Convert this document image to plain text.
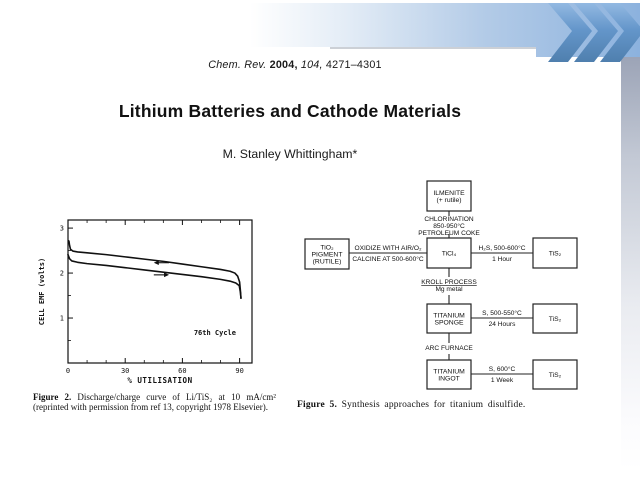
Chem. Rev. 2004, 104, 4271–4301
Lithium Batteries and Cathode Materials
M. Stanley Whittingham*
0	30	60	90
1
2
3
76th Cycle
% UTILISATION
CELL EMF (volts)

Figure 2. Discharge/charge curve of Li/TiS₂ at 10 mA/cm² (reprinted with permission from ref 13, copyright 1978 Elsevier).

ILMENITE
(+ rutile)
TiO₂
PIGMENT
(RUTILE)
TiCl₄	TiS₂
TITANIUM
SPONGE	TiS₂
TITANIUM
INGOT	TiS₂
CHLORINATION
850-950°C
PETROLEUM COKE
OXIDIZE WITH AIR/O₂
CALCINE AT 500-600°C
H₂S, 500-600°C
1 Hour
KROLL PROCESS
Mg metal
S, 500-550°C
24 Hours
ARC FURNACE
S, 600°C
1 Week

Figure 5. Synthesis approaches for titanium disulfide.
